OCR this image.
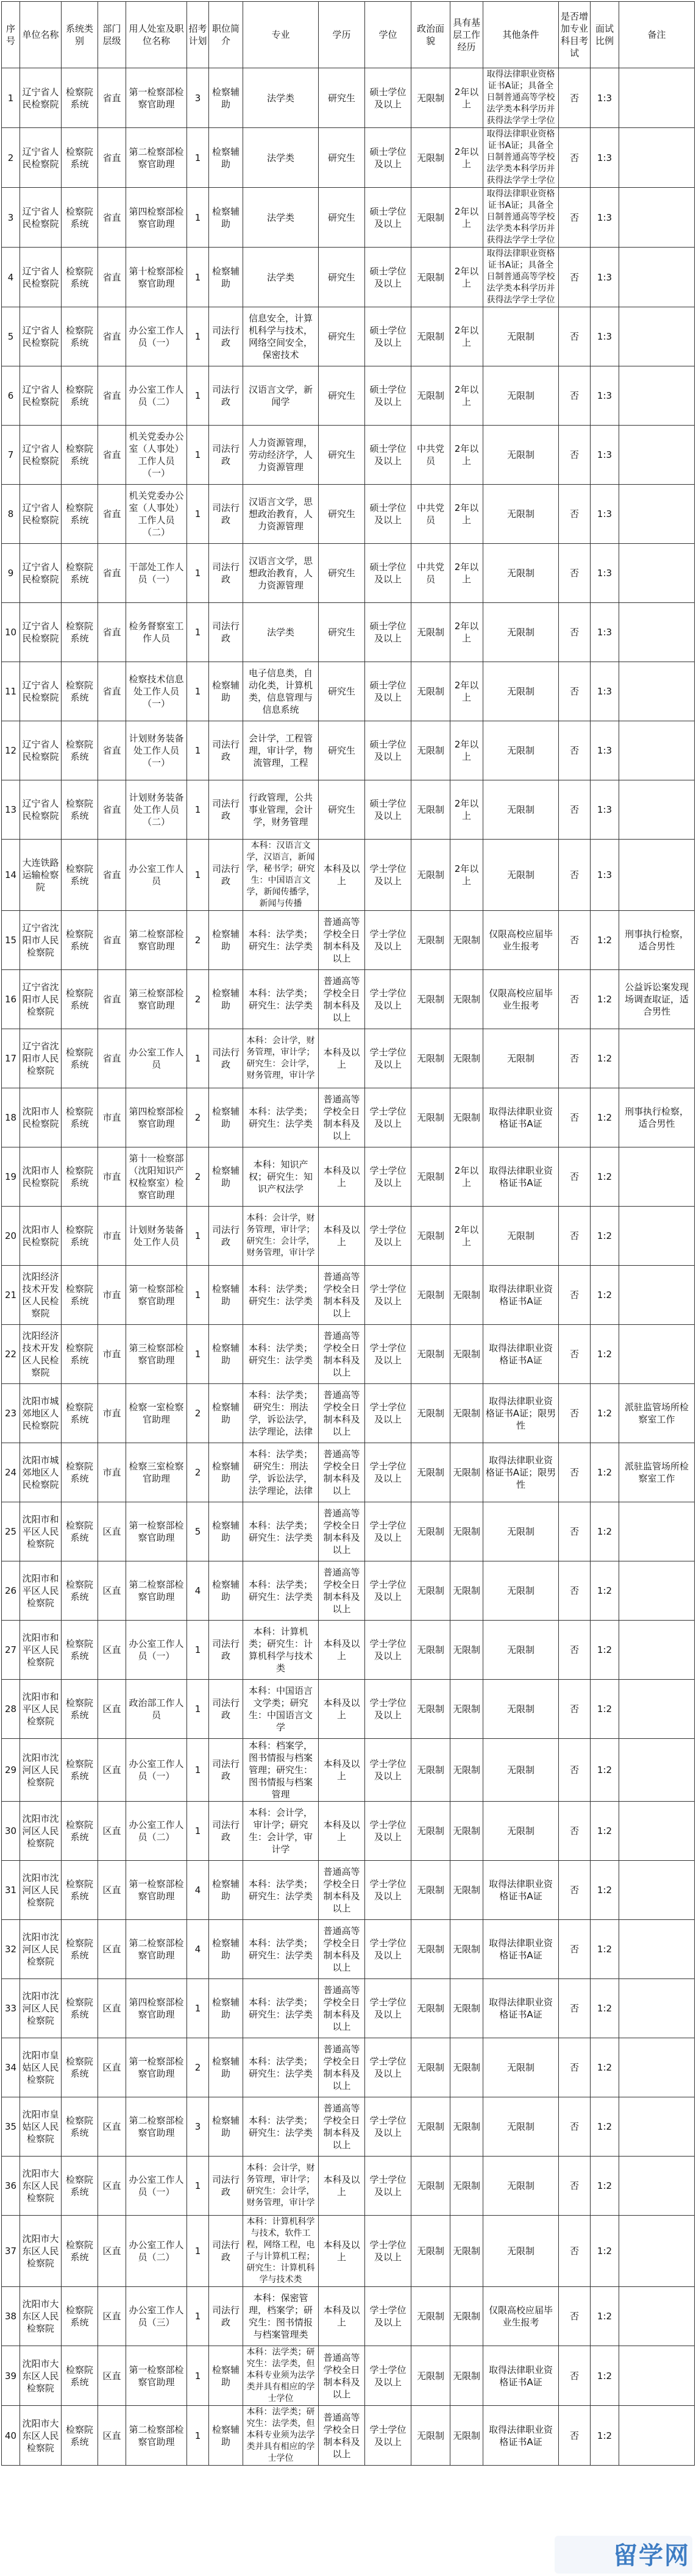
序号	单位名称	系统类别	部门层级	用人处室及职位名称	招考计划	职位简介	专业	学历	学位	政治面貌	具有基层工作经历	其他条件	是否增加专业科目考试	面试比例	备注
1	辽宁省人民检察院	检察院系统	省直	第一检察部检察官助理	3	检察辅助	法学类	研究生	硕士学位及以上	无限制	2年以上	取得法律职业资格证书A证；具备全日制普通高等学校法学类本科学历并获得法学学士学位	否	1:3	
2	辽宁省人民检察院	检察院系统	省直	第二检察部检察官助理	1	检察辅助	法学类	研究生	硕士学位及以上	无限制	2年以上	取得法律职业资格证书A证；具备全日制普通高等学校法学类本科学历并获得法学学士学位	否	1:3	
3	辽宁省人民检察院	检察院系统	省直	第四检察部检察官助理	1	检察辅助	法学类	研究生	硕士学位及以上	无限制	2年以上	取得法律职业资格证书A证；具备全日制普通高等学校法学类本科学历并获得法学学士学位	否	1:3	
4	辽宁省人民检察院	检察院系统	省直	第十检察部检察官助理	1	检察辅助	法学类	研究生	硕士学位及以上	无限制	2年以上	取得法律职业资格证书A证；具备全日制普通高等学校法学类本科学历并获得法学学士学位	否	1:3	
5	辽宁省人民检察院	检察院系统	省直	办公室工作人员（一）	1	司法行政	信息安全，计算机科学与技术，网络空间安全，保密技术	研究生	硕士学位及以上	无限制	2年以上	无限制	否	1:3	
6	辽宁省人民检察院	检察院系统	省直	办公室工作人员（二）	1	司法行政	汉语言文学，新闻学	研究生	硕士学位及以上	无限制	2年以上	无限制	否	1:3	
7	辽宁省人民检察院	检察院系统	省直	机关党委办公室（人事处）工作人员（一）	1	司法行政	人力资源管理，劳动经济学，人力资源管理	研究生	硕士学位及以上	中共党员	2年以上	无限制	否	1:3	
8	辽宁省人民检察院	检察院系统	省直	机关党委办公室（人事处）工作人员（二）	1	司法行政	汉语言文学，思想政治教育，人力资源管理	研究生	硕士学位及以上	中共党员	2年以上	无限制	否	1:3	
9	辽宁省人民检察院	检察院系统	省直	干部处工作人员（一）	1	司法行政	汉语言文学，思想政治教育，人力资源管理	研究生	硕士学位及以上	中共党员	2年以上	无限制	否	1:3	
10	辽宁省人民检察院	检察院系统	省直	检务督察室工作人员	1	司法行政	法学类	研究生	硕士学位及以上	无限制	2年以上	无限制	否	1:3	
11	辽宁省人民检察院	检察院系统	省直	检察技术信息处工作人员（一）	1	检察辅助	电子信息类，自动化类，计算机类，信息管理与信息系统	研究生	硕士学位及以上	无限制	2年以上	无限制	否	1:3	
12	辽宁省人民检察院	检察院系统	省直	计划财务装备处工作人员（一）	1	司法行政	会计学，工程管理，审计学，物流管理，工程	研究生	硕士学位及以上	无限制	2年以上	无限制	否	1:3	
13	辽宁省人民检察院	检察院系统	省直	计划财务装备处工作人员（二）	1	司法行政	行政管理，公共事业管理，会计学，财务管理	研究生	硕士学位及以上	无限制	2年以上	无限制	否	1:3	
14	大连铁路运输检察院	检察院系统	省直	办公室工作人员	1	司法行政	本科：汉语言文学，汉语言，新闻学，秘书学；研究生：中国语言文学，新闻传播学，新闻与传播	本科及以上	学士学位及以上	无限制	2年以上	无限制	否	1:3	
15	辽宁省沈阳市人民检察院	检察院系统	省直	第二检察部检察官助理	2	检察辅助	本科：法学类；研究生：法学类	普通高等学校全日制本科及以上	学士学位及以上	无限制	无限制	仅限高校应届毕业生报考	否	1:2	刑事执行检察，适合男性
16	辽宁省沈阳市人民检察院	检察院系统	省直	第三检察部检察官助理	2	检察辅助	本科：法学类；研究生：法学类	普通高等学校全日制本科及以上	学士学位及以上	无限制	无限制	仅限高校应届毕业生报考	否	1:2	公益诉讼案发现场调查取证，适合男性
17	辽宁省沈阳市人民检察院	检察院系统	省直	办公室工作人员	1	司法行政	本科：会计学，财务管理，审计学；研究生：会计学，财务管理，审计学	本科及以上	学士学位及以上	无限制	无限制	无限制	否	1:2	
18	沈阳市人民检察院	检察院系统	市直	第四检察部检察官助理	2	检察辅助	本科：法学类；研究生：法学类	普通高等学校全日制本科及以上	学士学位及以上	无限制	无限制	取得法律职业资格证书A证	否	1:2	刑事执行检察，适合男性
19	沈阳市人民检察院	检察院系统	市直	第十一检察部（沈阳知识产权检察室）检察官助理	2	检察辅助	本科：知识产权；研究生：知识产权法学	本科及以上	学士学位及以上	无限制	2年以上	取得法律职业资格证书A证	否	1:2	
20	沈阳市人民检察院	检察院系统	市直	计划财务装备处工作人员	1	司法行政	本科：会计学，财务管理，审计学；研究生：会计学，财务管理，审计学	本科及以上	学士学位及以上	无限制	2年以上	无限制	否	1:2	
21	沈阳经济技术开发区人民检察院	检察院系统	市直	第一检察部检察官助理	1	检察辅助	本科：法学类；研究生：法学类	普通高等学校全日制本科及以上	学士学位及以上	无限制	无限制	取得法律职业资格证书A证	否	1:2	
22	沈阳经济技术开发区人民检察院	检察院系统	市直	第三检察部检察官助理	1	检察辅助	本科：法学类；研究生：法学类	普通高等学校全日制本科及以上	学士学位及以上	无限制	无限制	取得法律职业资格证书A证	否	1:2	
23	沈阳市城郊地区人民检察院	检察院系统	市直	检察一室检察官助理	2	检察辅助	本科：法学类；研究生：刑法学，诉讼法学，法学理论，法律	普通高等学校全日制本科及以上	学士学位及以上	无限制	无限制	取得法律职业资格证书A证；限男性	否	1:2	派驻监管场所检察室工作
24	沈阳市城郊地区人民检察院	检察院系统	市直	检察三室检察官助理	2	检察辅助	本科：法学类；研究生：刑法学，诉讼法学，法学理论，法律	普通高等学校全日制本科及以上	学士学位及以上	无限制	无限制	取得法律职业资格证书A证；限男性	否	1:2	派驻监管场所检察室工作
25	沈阳市和平区人民检察院	检察院系统	区直	第一检察部检察官助理	5	检察辅助	本科：法学类；研究生：法学类	普通高等学校全日制本科及以上	学士学位及以上	无限制	无限制	无限制	否	1:2	
26	沈阳市和平区人民检察院	检察院系统	区直	第二检察部检察官助理	4	检察辅助	本科：法学类；研究生：法学类	普通高等学校全日制本科及以上	学士学位及以上	无限制	无限制	无限制	否	1:2	
27	沈阳市和平区人民检察院	检察院系统	区直	办公室工作人员（一）	1	司法行政	本科：计算机类；研究生：计算机科学与技术类	本科及以上	学士学位及以上	无限制	无限制	无限制	否	1:2	
28	沈阳市和平区人民检察院	检察院系统	区直	政治部工作人员	1	司法行政	本科：中国语言文学类；研究生：中国语言文学	本科及以上	学士学位及以上	无限制	无限制	无限制	否	1:2	
29	沈阳市沈河区人民检察院	检察院系统	区直	办公室工作人员（一）	1	司法行政	本科：档案学，图书情报与档案管理；研究生：图书情报与档案管理	本科及以上	学士学位及以上	无限制	无限制	无限制	否	1:2	
30	沈阳市沈河区人民检察院	检察院系统	区直	办公室工作人员（二）	1	司法行政	本科：会计学，审计学；研究生：会计学，审计学	本科及以上	学士学位及以上	无限制	无限制	无限制	否	1:2	
31	沈阳市沈河区人民检察院	检察院系统	区直	第一检察部检察官助理	4	检察辅助	本科：法学类；研究生：法学类	普通高等学校全日制本科及以上	学士学位及以上	无限制	无限制	取得法律职业资格证书A证	否	1:2	
32	沈阳市沈河区人民检察院	检察院系统	区直	第二检察部检察官助理	4	检察辅助	本科：法学类；研究生：法学类	普通高等学校全日制本科及以上	学士学位及以上	无限制	无限制	取得法律职业资格证书A证	否	1:2	
33	沈阳市沈河区人民检察院	检察院系统	区直	第四检察部检察官助理	1	检察辅助	本科：法学类；研究生：法学类	普通高等学校全日制本科及以上	学士学位及以上	无限制	无限制	取得法律职业资格证书A证	否	1:2	
34	沈阳市皇姑区人民检察院	检察院系统	区直	第一检察部检察官助理	2	检察辅助	本科：法学类；研究生：法学类	普通高等学校全日制本科及以上	学士学位及以上	无限制	无限制	无限制	否	1:2	
35	沈阳市皇姑区人民检察院	检察院系统	区直	第二检察部检察官助理	3	检察辅助	本科：法学类；研究生：法学类	普通高等学校全日制本科及以上	学士学位及以上	无限制	无限制	无限制	否	1:2	
36	沈阳市大东区人民检察院	检察院系统	区直	办公室工作人员（一）	1	司法行政	本科：会计学，财务管理，审计学；研究生：会计学，财务管理，审计学	本科及以上	学士学位及以上	无限制	无限制	无限制	否	1:2	
37	沈阳市大东区人民检察院	检察院系统	区直	办公室工作人员（二）	1	司法行政	本科：计算机科学与技术，软件工程，网络工程，电子与计算机工程；研究生：计算机科学与技术类	本科及以上	学士学位及以上	无限制	无限制	无限制	否	1:2	
38	沈阳市大东区人民检察院	检察院系统	区直	办公室工作人员（三）	1	司法行政	本科：保密管理，档案学；研究生：图书情报与档案管理类	本科及以上	学士学位及以上	无限制	无限制	仅限高校应届毕业生报考	否	1:2	
39	沈阳市大东区人民检察院	检察院系统	区直	第一检察部检察官助理	1	检察辅助	本科：法学类；研究生：法学类，但本科专业须为法学类并具有相应的学士学位	普通高等学校全日制本科及以上	学士学位及以上	无限制	无限制	取得法律职业资格证书A证	否	1:2	
40	沈阳市大东区人民检察院	检察院系统	区直	第二检察部检察官助理	1	检察辅助	本科：法学类；研究生：法学类，但本科专业须为法学类并具有相应的学士学位	普通高等学校全日制本科及以上	学士学位及以上	无限制	无限制	取得法律职业资格证书A证	否	1:2	
留学网
